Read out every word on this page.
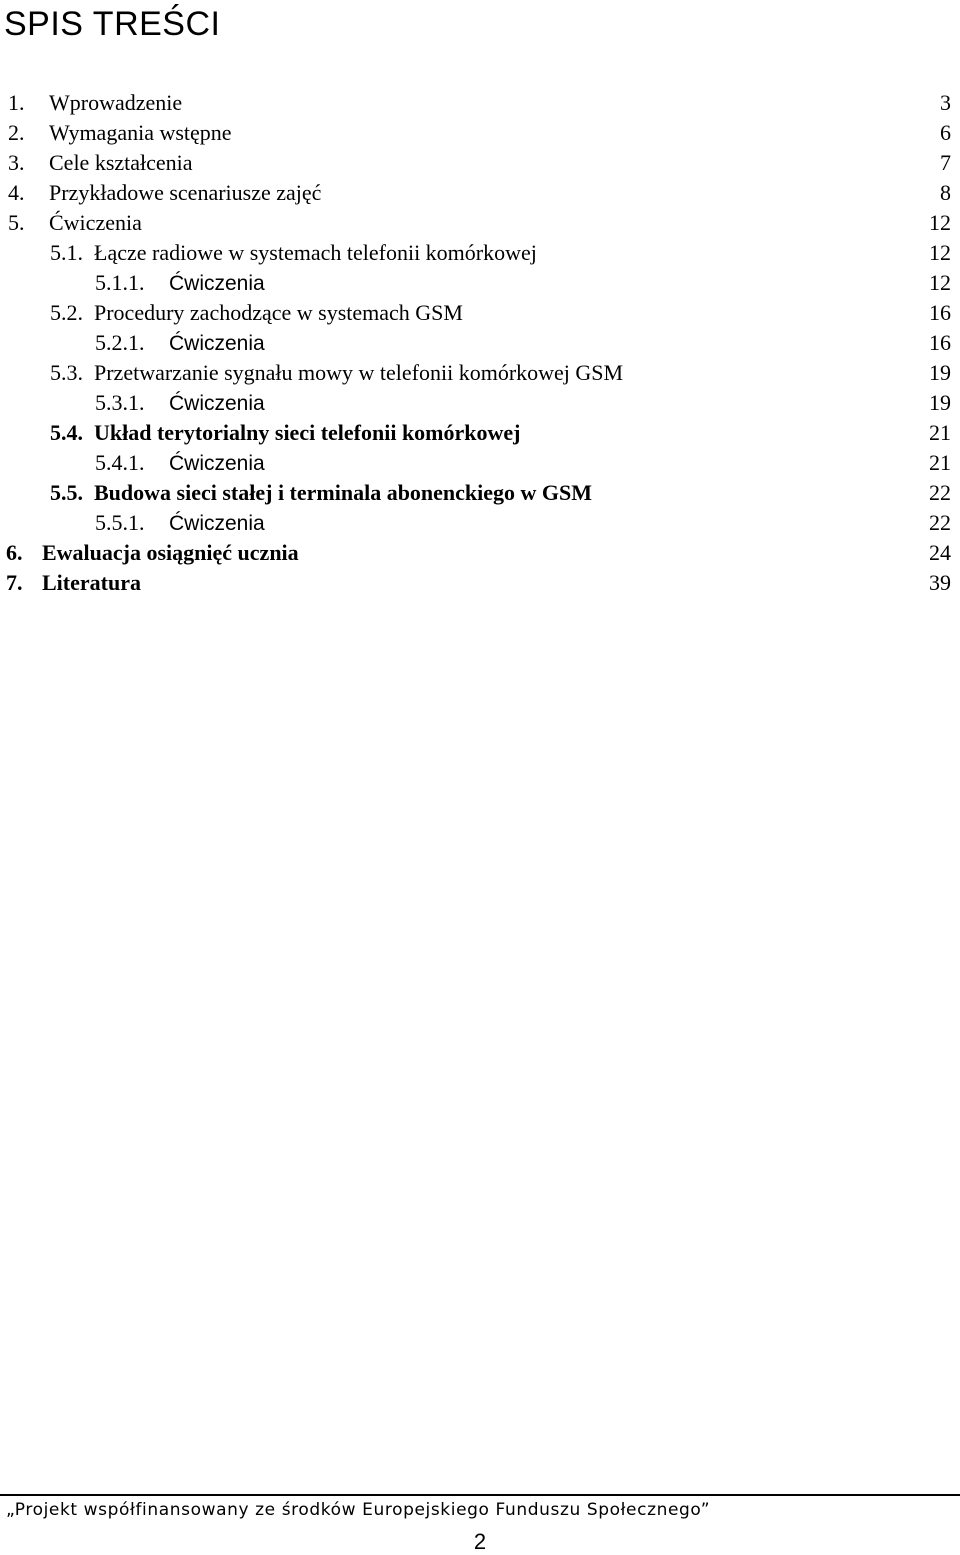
SPIS TREŚCI
1. Wprowadzenie	3
2. Wymagania wstępne	6
3. Cele kształcenia	7
4. Przykładowe scenariusze zajęć	8
5. Ćwiczenia	12
5.1. Łącze radiowe w systemach telefonii komórkowej	12
5.1.1. Ćwiczenia	12
5.2. Procedury zachodzące w systemach GSM	16
5.2.1. Ćwiczenia	16
5.3. Przetwarzanie sygnału mowy w telefonii komórkowej GSM	19
5.3.1. Ćwiczenia	19
5.4. Układ terytorialny sieci telefonii komórkowej	21
5.4.1. Ćwiczenia	21
5.5. Budowa sieci stałej i terminala abonenckiego w GSM	22
5.5.1. Ćwiczenia	22
6. Ewaluacja osiągnięć ucznia	24
7. Literatura	39
„Projekt współfinansowany ze środków Europejskiego Funduszu Społecznego”
2
